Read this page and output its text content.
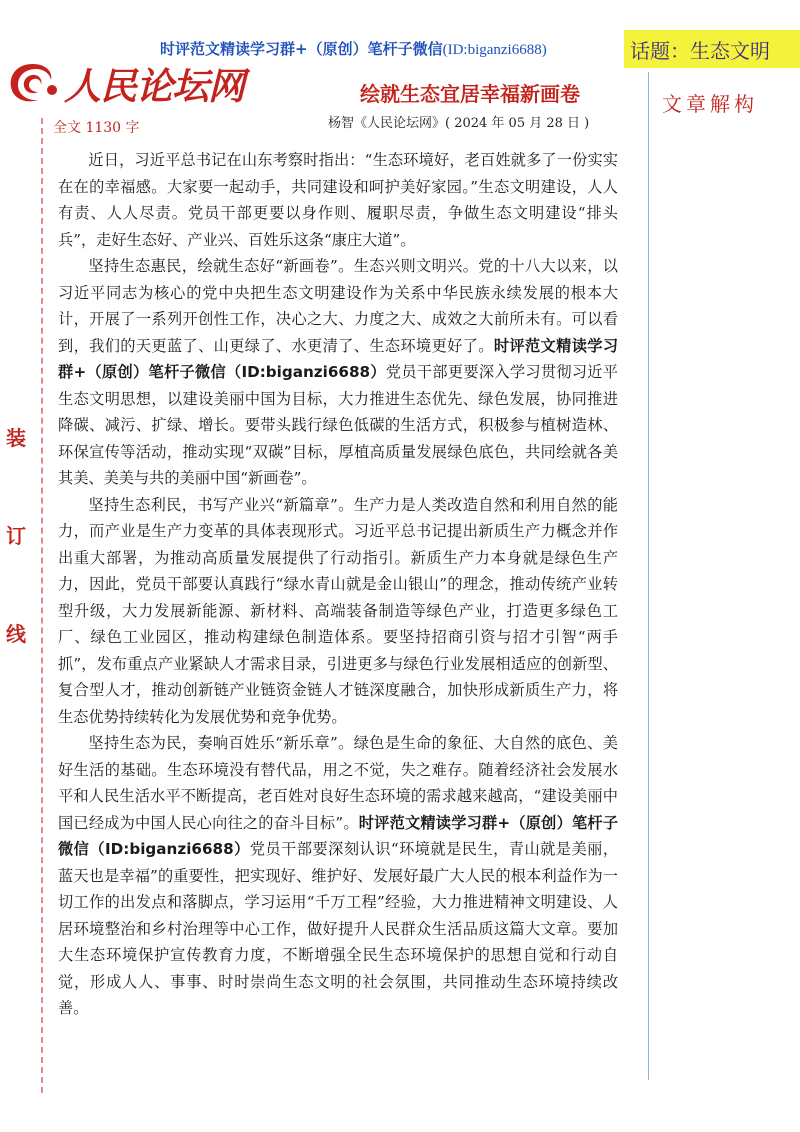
时评范文精读学习群+（原创）笔杆子微信(ID:biganzi6688)	话题：生态文明
人民论坛网	绘就生态宜居幸福新画卷	文章解构
杨智《人民论坛网》( 2024 年 05 月 28 日 )
全文 1130 字
装
订
线

近日，习近平总书记在山东考察时指出：“生态环境好，老百姓就多了一份实实在在的幸福感。大家要一起动手，共同建设和呵护美好家园。”生态文明建设，人人有责、人人尽责。党员干部更要以身作则、履职尽责，争做生态文明建设“排头兵”，走好生态好、产业兴、百姓乐这条“康庄大道”。

坚持生态惠民，绘就生态好“新画卷”。生态兴则文明兴。党的十八大以来，以习近平同志为核心的党中央把生态文明建设作为关系中华民族永续发展的根本大计，开展了一系列开创性工作，决心之大、力度之大、成效之大前所未有。可以看到，我们的天更蓝了、山更绿了、水更清了、生态环境更好了。时评范文精读学习群+（原创）笔杆子微信（ID:biganzi6688）党员干部更要深入学习贯彻习近平生态文明思想，以建设美丽中国为目标，大力推进生态优先、绿色发展，协同推进降碳、减污、扩绿、增长。要带头践行绿色低碳的生活方式，积极参与植树造林、环保宣传等活动，推动实现“双碳”目标，厚植高质量发展绿色底色，共同绘就各美其美、美美与共的美丽中国“新画卷”。

坚持生态利民，书写产业兴“新篇章”。生产力是人类改造自然和利用自然的能力，而产业是生产力变革的具体表现形式。习近平总书记提出新质生产力概念并作出重大部署，为推动高质量发展提供了行动指引。新质生产力本身就是绿色生产力，因此，党员干部要认真践行“绿水青山就是金山银山”的理念，推动传统产业转型升级，大力发展新能源、新材料、高端装备制造等绿色产业，打造更多绿色工厂、绿色工业园区，推动构建绿色制造体系。要坚持招商引资与招才引智“两手抓”，发布重点产业紧缺人才需求目录，引进更多与绿色行业发展相适应的创新型、复合型人才，推动创新链产业链资金链人才链深度融合，加快形成新质生产力，将生态优势持续转化为发展优势和竞争优势。

坚持生态为民，奏响百姓乐“新乐章”。绿色是生命的象征、大自然的底色、美好生活的基础。生态环境没有替代品，用之不觉，失之难存。随着经济社会发展水平和人民生活水平不断提高，老百姓对良好生态环境的需求越来越高，“建设美丽中国已经成为中国人民心向往之的奋斗目标”。时评范文精读学习群+（原创）笔杆子微信（ID:biganzi6688）党员干部要深刻认识“环境就是民生，青山就是美丽，蓝天也是幸福”的重要性，把实现好、维护好、发展好最广大人民的根本利益作为一切工作的出发点和落脚点，学习运用“千万工程”经验，大力推进精神文明建设、人居环境整治和乡村治理等中心工作，做好提升人民群众生活品质这篇大文章。要加大生态环境保护宣传教育力度，不断增强全民生态环境保护的思想自觉和行动自觉，形成人人、事事、时时崇尚生态文明的社会氛围，共同推动生态环境持续改善。
